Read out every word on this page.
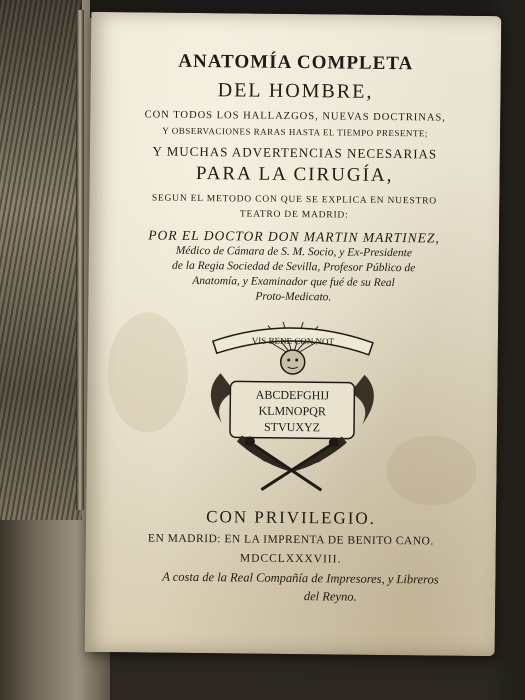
ANATOMÍA COMPLETA
DEL HOMBRE,
CON TODOS LOS HALLAZGOS, NUEVAS DOCTRINAS,
Y OBSERVACIONES RARAS HASTA EL TIEMPO PRESENTE;
Y MUCHAS ADVERTENCIAS NECESARIAS
PARA LA CIRUGÍA,
SEGUN EL METODO CON QUE SE EXPLICA EN NUESTRO
TEATRO DE MADRID:
POR EL DOCTOR DON MARTIN MARTINEZ,
Médico de Cámara de S. M. Socio, y Ex-Presidente
de la Regia Sociedad de Sevilla, Profesor Público de
Anatomía, y Examinador que fué de su Real
Proto-Medicato.
VIS BENE CON NOT
ABCDEFGHIJ
KLMNOPQR
STVUXYZ
CON PRIVILEGIO.
EN MADRID: EN LA IMPRENTA DE BENITO CANO.
MDCCLXXXVIII.
A costa de la Real Compañía de Impresores, y Libreros
del Reyno.
